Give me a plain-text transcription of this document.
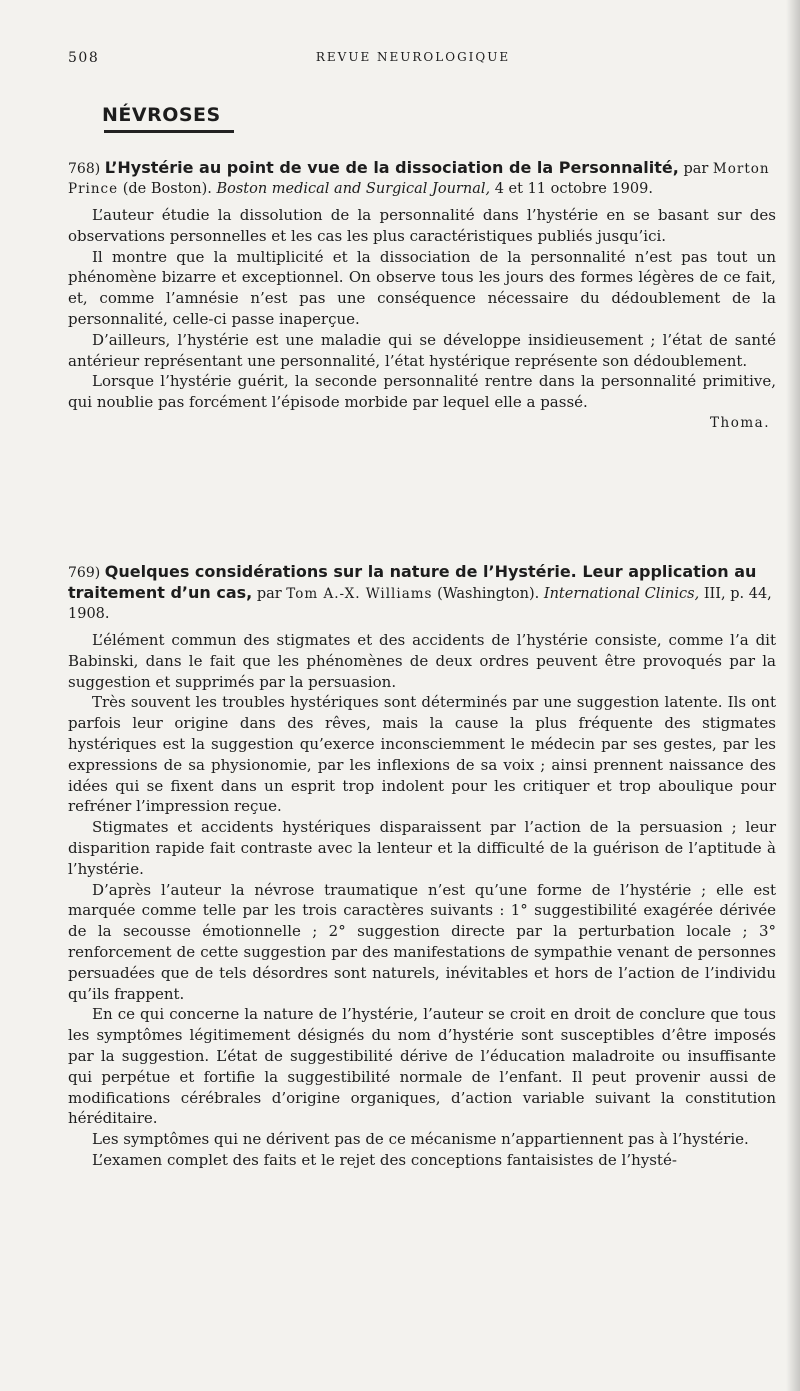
508	REVUE NEUROLOGIQUE
NÉVROSES

768) L’Hystérie au point de vue de la dissociation de la Personnalité, par Morton Prince (de Boston). Boston medical and Surgical Journal, 4 et 11 octobre 1909.

L’auteur étudie la dissolution de la personnalité dans l’hystérie en se basant sur des observations personnelles et les cas les plus caractéristiques publiés jusqu’ici.

Il montre que la multiplicité et la dissociation de la personnalité n’est pas tout un phénomène bizarre et exceptionnel. On observe tous les jours des formes légères de ce fait, et, comme l’amnésie n’est pas une conséquence nécessaire du dédoublement de la personnalité, celle-ci passe inaperçue.

D’ailleurs, l’hystérie est une maladie qui se développe insidieusement ; l’état de santé antérieur représentant une personnalité, l’état hystérique représente son dédoublement.

Lorsque l’hystérie guérit, la seconde personnalité rentre dans la personnalité primitive, qui noublie pas forcément l’épisode morbide par lequel elle a passé.

Thoma.

769) Quelques considérations sur la nature de l’Hystérie. Leur application au traitement d’un cas, par Tom A.-X. Williams (Washington). International Clinics, III, p. 44, 1908.

L’élément commun des stigmates et des accidents de l’hystérie consiste, comme l’a dit Babinski, dans le fait que les phénomènes de deux ordres peuvent être provoqués par la suggestion et supprimés par la persuasion.

Très souvent les troubles hystériques sont déterminés par une suggestion latente. Ils ont parfois leur origine dans des rêves, mais la cause la plus fréquente des stigmates hystériques est la suggestion qu’exerce inconsciemment le médecin par ses gestes, par les expressions de sa physionomie, par les inflexions de sa voix ; ainsi prennent naissance des idées qui se fixent dans un esprit trop indolent pour les critiquer et trop aboulique pour refréner l’impression reçue.

Stigmates et accidents hystériques disparaissent par l’action de la persuasion ; leur disparition rapide fait contraste avec la lenteur et la difficulté de la guérison de l’aptitude à l’hystérie.

D’après l’auteur la névrose traumatique n’est qu’une forme de l’hystérie ; elle est marquée comme telle par les trois caractères suivants : 1° suggestibilité exagérée dérivée de la secousse émotionnelle ; 2° suggestion directe par la perturbation locale ; 3° renforcement de cette suggestion par des manifestations de sympathie venant de personnes persuadées que de tels désordres sont naturels, inévitables et hors de l’action de l’individu qu’ils frappent.

En ce qui concerne la nature de l’hystérie, l’auteur se croit en droit de conclure que tous les symptômes légitimement désignés du nom d’hystérie sont susceptibles d’être imposés par la suggestion. L’état de suggestibilité dérive de l’éducation maladroite ou insuffisante qui perpétue et fortifie la suggestibilité normale de l’enfant. Il peut provenir aussi de modifications cérébrales d’origine organiques, d’action variable suivant la constitution héréditaire.

Les symptômes qui ne dérivent pas de ce mécanisme n’appartiennent pas à l’hystérie.

L’examen complet des faits et le rejet des conceptions fantaisistes de l’hysté-
